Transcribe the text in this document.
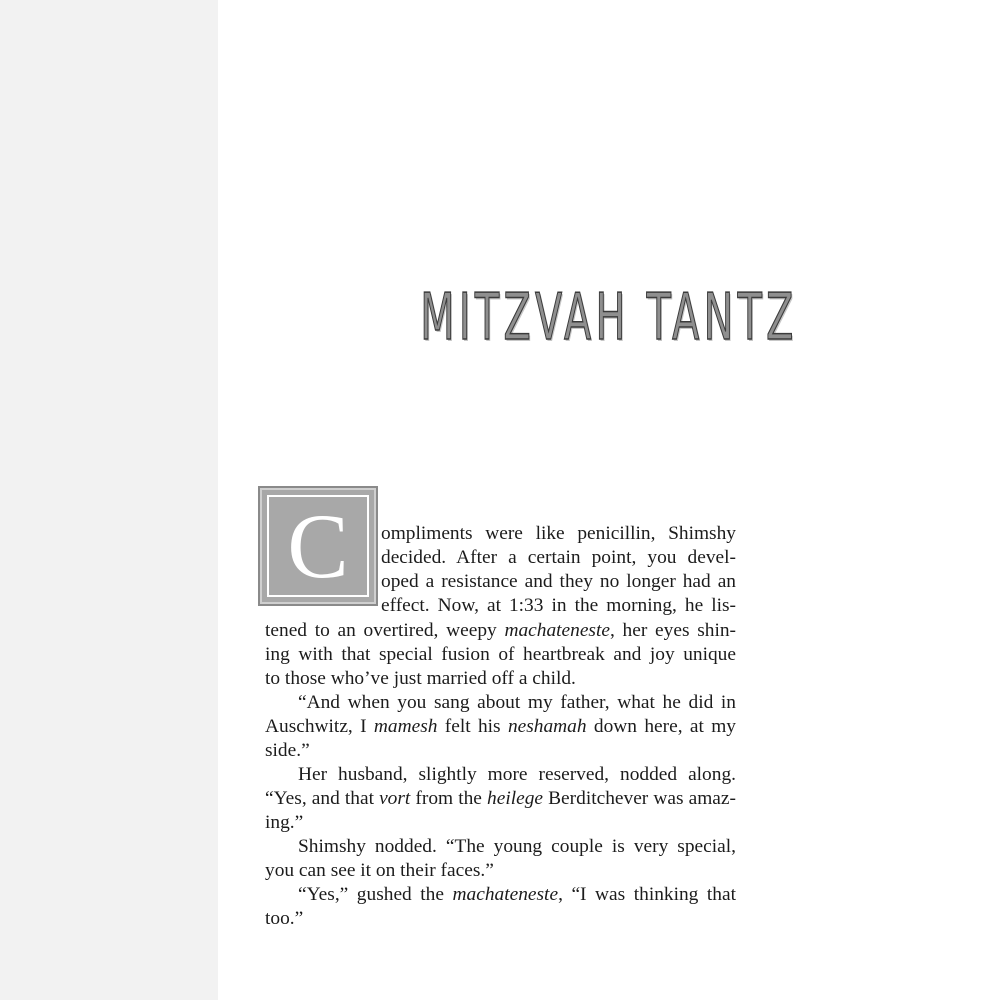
MITZVAH TANTZ
C	ompliments were like penicillin, Shimshy
decided. After a certain point, you devel-
oped a resistance and they no longer had an
effect. Now, at 1:33 in the morning, he lis-
tened to an overtired, weepy machateneste, her eyes shin-
ing with that special fusion of heartbreak and joy unique
to those who’ve just married off a child.
“And when you sang about my father, what he did in
Auschwitz, I mamesh felt his neshamah down here, at my
side.”
Her husband, slightly more reserved, nodded along.
“Yes, and that vort from the heilege Berditchever was amaz-
ing.”
Shimshy nodded. “The young couple is very special,
you can see it on their faces.”
“Yes,” gushed the machateneste, “I was thinking that
too.”
